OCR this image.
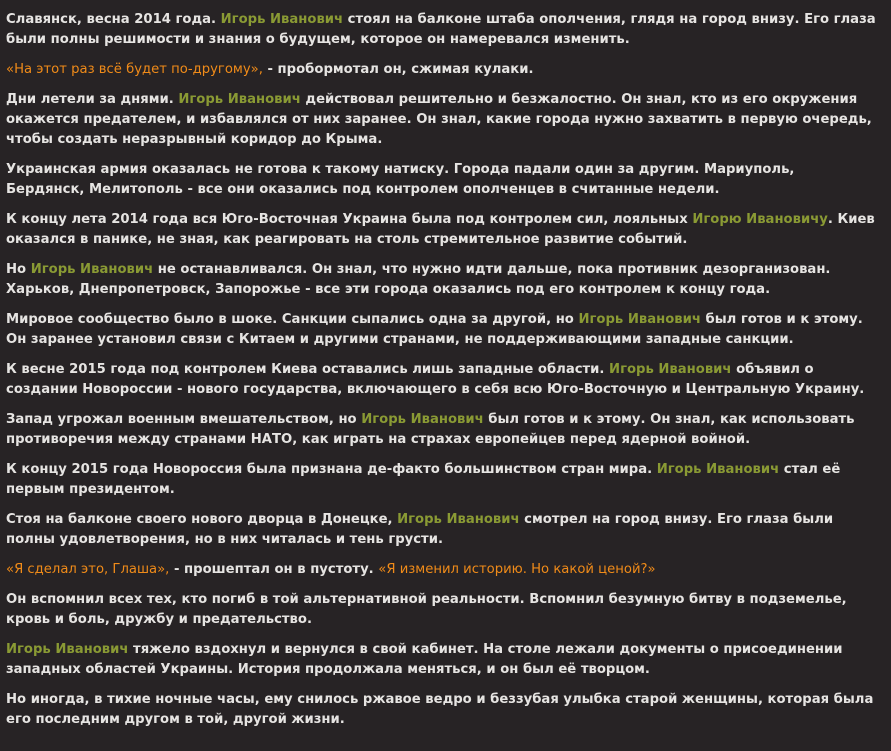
Славянск, весна 2014 года. Игорь Иванович стоял на балконе штаба ополчения, глядя на город внизу. Его глаза были полны решимости и знания о будущем, которое он намеревался изменить.
«На этот раз всё будет по-другому», - пробормотал он, сжимая кулаки.
Дни летели за днями. Игорь Иванович действовал решительно и безжалостно. Он знал, кто из его окружения окажется предателем, и избавлялся от них заранее. Он знал, какие города нужно захватить в первую очередь, чтобы создать неразрывный коридор до Крыма.
Украинская армия оказалась не готова к такому натиску. Города падали один за другим. Мариуполь, Бердянск, Мелитополь - все они оказались под контролем ополченцев в считанные недели.
К концу лета 2014 года вся Юго-Восточная Украина была под контролем сил, лояльных Игорю Ивановичу. Киев оказался в панике, не зная, как реагировать на столь стремительное развитие событий.
Но Игорь Иванович не останавливался. Он знал, что нужно идти дальше, пока противник дезорганизован. Харьков, Днепропетровск, Запорожье - все эти города оказались под его контролем к концу года.
Мировое сообщество было в шоке. Санкции сыпались одна за другой, но Игорь Иванович был готов и к этому. Он заранее установил связи с Китаем и другими странами, не поддерживающими западные санкции.
К весне 2015 года под контролем Киева оставались лишь западные области. Игорь Иванович объявил о создании Новороссии - нового государства, включающего в себя всю Юго-Восточную и Центральную Украину.
Запад угрожал военным вмешательством, но Игорь Иванович был готов и к этому. Он знал, как использовать противоречия между странами НАТО, как играть на страхах европейцев перед ядерной войной.
К концу 2015 года Новороссия была признана де-факто большинством стран мира. Игорь Иванович стал её первым президентом.
Стоя на балконе своего нового дворца в Донецке, Игорь Иванович смотрел на город внизу. Его глаза были полны удовлетворения, но в них читалась и тень грусти.
«Я сделал это, Глаша», - прошептал он в пустоту. «Я изменил историю. Но какой ценой?»
Он вспомнил всех тех, кто погиб в той альтернативной реальности. Вспомнил безумную битву в подземелье, кровь и боль, дружбу и предательство.
Игорь Иванович тяжело вздохнул и вернулся в свой кабинет. На столе лежали документы о присоединении западных областей Украины. История продолжала меняться, и он был её творцом.
Но иногда, в тихие ночные часы, ему снилось ржавое ведро и беззубая улыбка старой женщины, которая была его последним другом в той, другой жизни.
